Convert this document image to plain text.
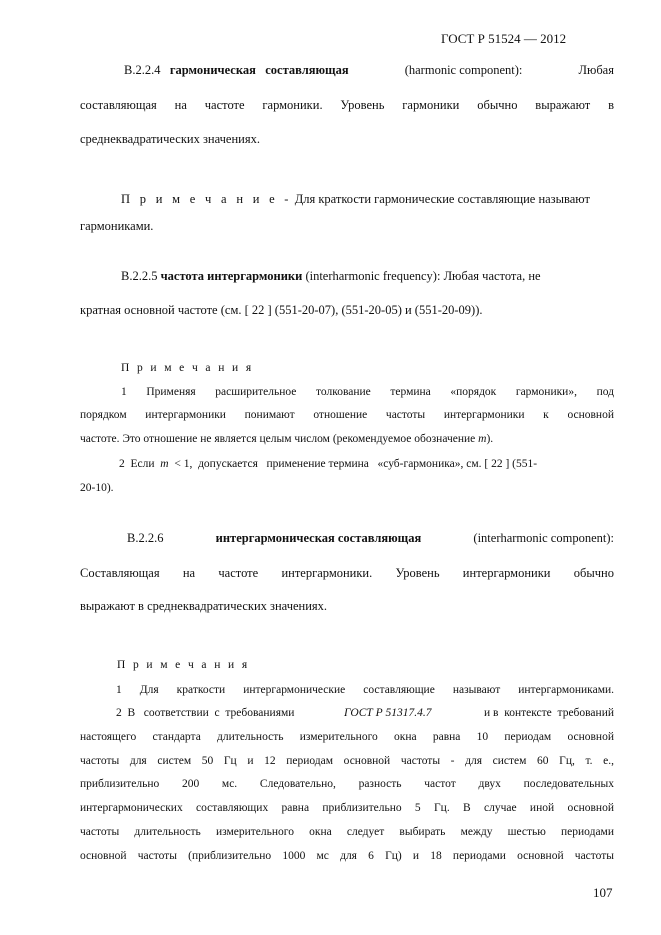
ГОСТ Р 51524 — 2012
B.2.2.4 гармоническая   составляющая	(harmonic component):	Любая
составляющая на частоте гармоники. Уровень гармоники обычно выражают в
среднеквадратических значениях.
П р и м е ч а н и е  -  Для краткости гармонические составляющие называют
гармониками.
В.2.2.5 частота интергармоники (interharmonic frequency): Любая частота, не
кратная основной частоте (см. [ 22 ] (551-20-07), (551-20-05) и (551-20-09)).
П р и м е ч а н и я
1 Применяя расширительное толкование термина «порядок гармоники», под
порядком интергармоники понимают отношение частоты интергармоники к основной
частоте. Это отношение не является целым числом (рекомендуемое обозначение m).
2  Если  m  < 1,  допускается   применение термина   «суб-гармоника», см. [ 22 ] (551-
20-10).
B.2.2.6	интергармоническая составляющая	(interharmonic component):
Составляющая на частоте интергармоники. Уровень интергармоники обычно
выражают в среднеквадратических значениях.
П р и м е ч а н и я
1 Для краткости интергармонические составляющие называют интергармониками.
2  В   соответствии  с  требованиями	ГОСТ Р 51317.4.7	и в  контексте  требований
настоящего стандарта длительность измерительного окна равна 10 периодам основной
частоты для систем 50 Гц и 12 периодам основной частоты - для систем 60 Гц, т. е.,
приблизительно 200 мс. Следовательно, разность частот двух последовательных
интергармонических составляющих равна приблизительно 5 Гц. В случае иной основной
частоты длительность измерительного окна следует выбирать между шестью периодами
основной частоты (приблизительно 1000 мс для 6 Гц) и 18 периодами основной частоты
107
